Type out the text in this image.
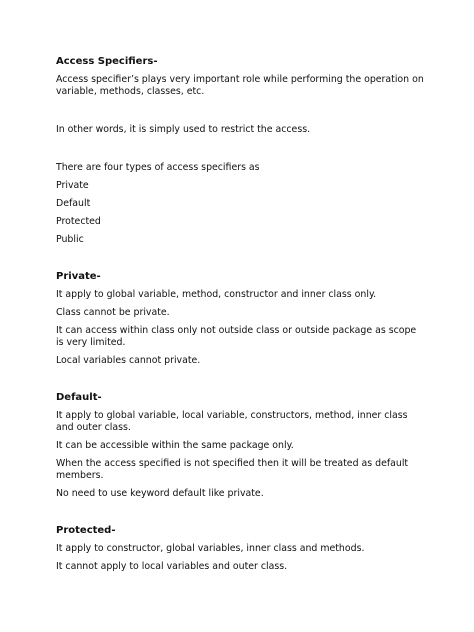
Access Specifiers-
Access specifier’s plays very important role while performing the operation on variable, methods, classes, etc.
In other words, it is simply used to restrict the access.
There are four types of access specifiers as
Private
Default
Protected
Public
Private-
It apply to global variable, method, constructor and inner class only.
Class cannot be private.
It can access within class only not outside class or outside package as scope is very limited.
Local variables cannot private.
Default-
It apply to global variable, local variable, constructors, method, inner class and outer class.
It can be accessible within the same package only.
When the access specified is not specified then it will be treated as default members.
No need to use keyword default like private.
Protected-
It apply to constructor, global variables, inner class and methods.
It cannot apply to local variables and outer class.
